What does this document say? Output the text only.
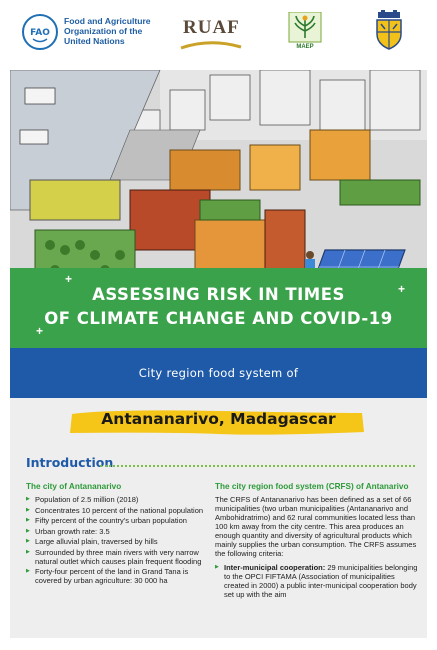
FAO
Food and Agriculture Organization of the United Nations
RUAF
MAEP
+
+
+
ASSESSING RISK IN TIMES
OF CLIMATE CHANGE AND COVID-19
City region food system of
Antananarivo, Madagascar
Introduction
The city of Antananarivo
▶ Population of 2.5 million (2018)
▶ Concentrates 10 percent of the national population
▶ Fifty percent of the country's urban population
▶ Urban growth rate: 3.5
▶ Large alluvial plain, traversed by hills
▶ Surrounded by three main rivers with very narrow natural outlet which causes plain frequent flooding
▶ Forty-four percent of the land in Grand Tana is covered by urban agriculture: 30 000 ha
The city region food system (CRFS) of Antanarivo

The CRFS of Antananarivo has been defined as a set of 66 municipalities (two urban municipalities (Antananarivo and Ambohidratrimo) and 62 rural communities located less than 100 km away from the city centre. This area produces an enough quantity and diversity of agricultural products which mainly supplies the urban consumption. The CRFS assumes the following criteria:

▶ Inter-municipal cooperation: 29 municipalities belonging to the OPCI FIFTAMA (Association of municipalities created in 2000) a public inter-municipal cooperation body set up with the aim
